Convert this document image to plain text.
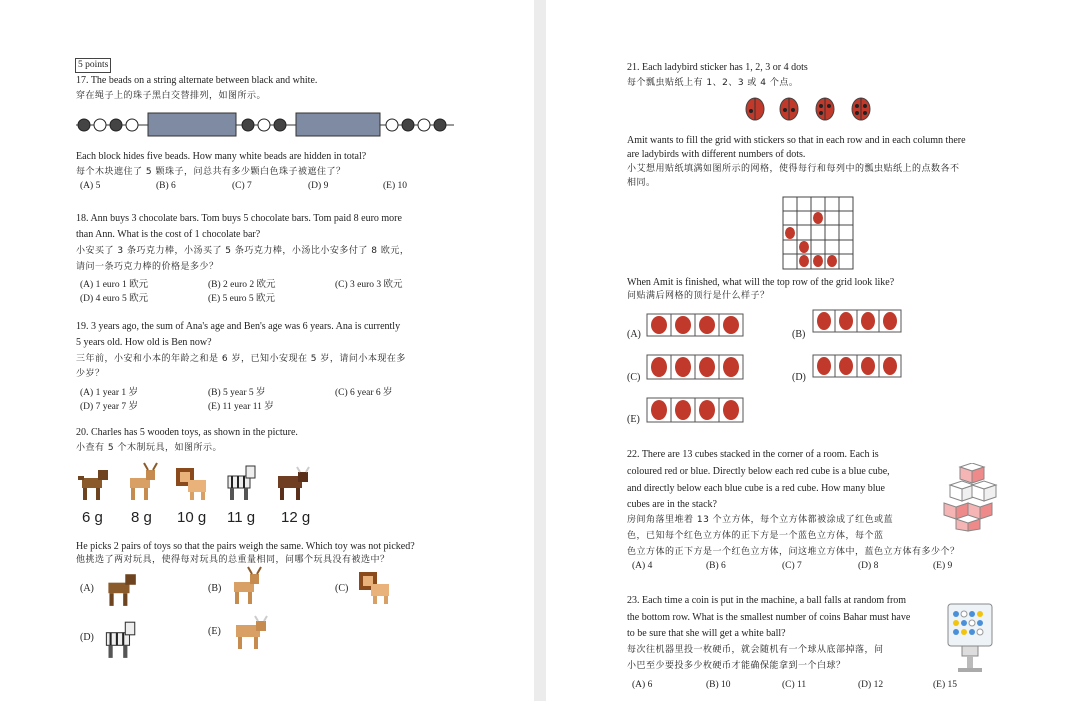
5 points
17. The beads on a string alternate between black and white.
穿在绳子上的珠子黑白交替排列，如图所示。
Each block hides five beads. How many white beads are hidden in total?
每个木块遮住了 5 颗珠子，问总共有多少颗白色珠子被遮住了？
(A) 5	(B) 6	(C) 7	(D) 9	(E) 10
18. Ann buys 3 chocolate bars. Tom buys 5 chocolate bars. Tom paid 8 euro more
than Ann. What is the cost of 1 chocolate bar?
小安买了 3 条巧克力棒，小汤买了 5 条巧克力棒，小汤比小安多付了 8 欧元，
请问一条巧克力棒的价格是多少？
(A) 1 euro 1 欧元	(B) 2 euro 2 欧元	(C) 3 euro 3 欧元
(D) 4 euro 5 欧元	(E) 5 euro 5 欧元
19. 3 years ago, the sum of Ana's age and Ben's age was 6 years. Ana is currently
5 years old. How old is Ben now?
三年前，小安和小本的年龄之和是 6 岁，已知小安现在 5 岁，请问小本现在多
少岁？
(A) 1 year 1 岁	(B) 5 year 5 岁	(C) 6 year 6 岁
(D) 7 year 7 岁	(E) 11 year 11 岁
20. Charles has 5 wooden toys, as shown in the picture.
小查有 5 个木制玩具，如图所示。
6 g 8 g 10 g 11 g 12 g
He picks 2 pairs of toys so that the pairs weigh the same. Which toy was not picked?
他挑选了两对玩具，使得每对玩具的总重量相同，问哪个玩具没有被选中？
(A)	(B)	(C)
(D)
(E)
21. Each ladybird sticker has 1, 2, 3 or 4 dots
每个瓢虫贴纸上有 1、2、3 或 4 个点。
Amit wants to fill the grid with stickers so that in each row and in each column there
are ladybirds with different numbers of dots.
小艾想用贴纸填满如图所示的网格，使得每行和每列中的瓢虫贴纸上的点数各不
相同。
When Amit is finished, what will the top row of the grid look like?
问贴满后网格的顶行是什么样子？
(A)	(B)
(C)	(D)
(E)
22. There are 13 cubes stacked in the corner of a room. Each is
coloured red or blue. Directly below each red cube is a blue cube,
and directly below each blue cube is a red cube. How many blue
cubes are in the stack?
房间角落里堆着 13 个立方体，每个立方体都被涂成了红色或蓝
色，已知每个红色立方体的正下方是一个蓝色立方体，每个蓝
色立方体的正下方是一个红色立方体，问这堆立方体中，蓝色立方体有多少个？
(A) 4	(B) 6	(C) 7	(D) 8	(E) 9
23. Each time a coin is put in the machine, a ball falls at random from
the bottom row. What is the smallest number of coins Bahar must have
to be sure that she will get a white ball?
每次往机器里投一枚硬币，就会随机有一个球从底部掉落，问
小巴至少要投多少枚硬币才能确保能拿到一个白球？
(A) 6	(B) 10	(C) 11	(D) 12	(E) 15
